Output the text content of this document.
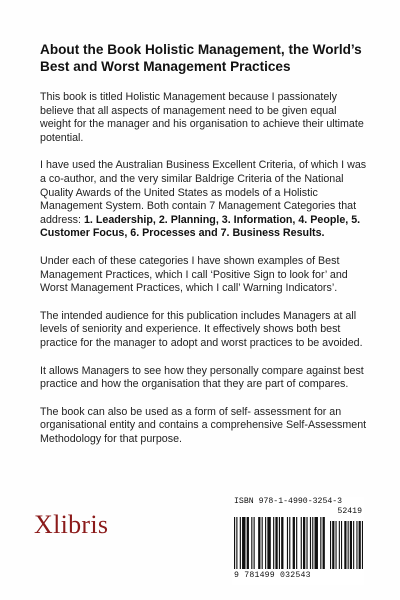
About the Book Holistic Management, the World’s Best and Worst Management Practices

This book is titled Holistic Management because I passionately believe that all aspects of management need to be given equal weight for the manager and his organisation to achieve their ultimate potential.

I have used the Australian Business Excellent Criteria, of which I was a co-author, and the very similar Baldrige Criteria of the National Quality Awards of the United States as models of a Holistic Management System. Both contain 7 Management Categories that address: 1. Leadership, 2. Planning, 3. Information, 4. People, 5. Customer Focus, 6. Processes and 7. Business Results.

Under each of these categories I have shown examples of Best Management Practices, which I call ‘Positive Sign to look for’ and Worst Management Practices, which I call’ Warning Indicators’.

The intended audience for this publication includes Managers at all levels of seniority and experience. It effectively shows both best practice for the manager to adopt and worst practices to be avoided.

It allows Managers to see how they personally compare against best practice and how the organisation that they are part of compares.

The book can also be used as a form of self- assessment for an organisational entity and contains a comprehensive Self-Assessment Methodology for that purpose.

Xlibris
ISBN 978-1-4990-3254-3
52419
9 781499 032543
